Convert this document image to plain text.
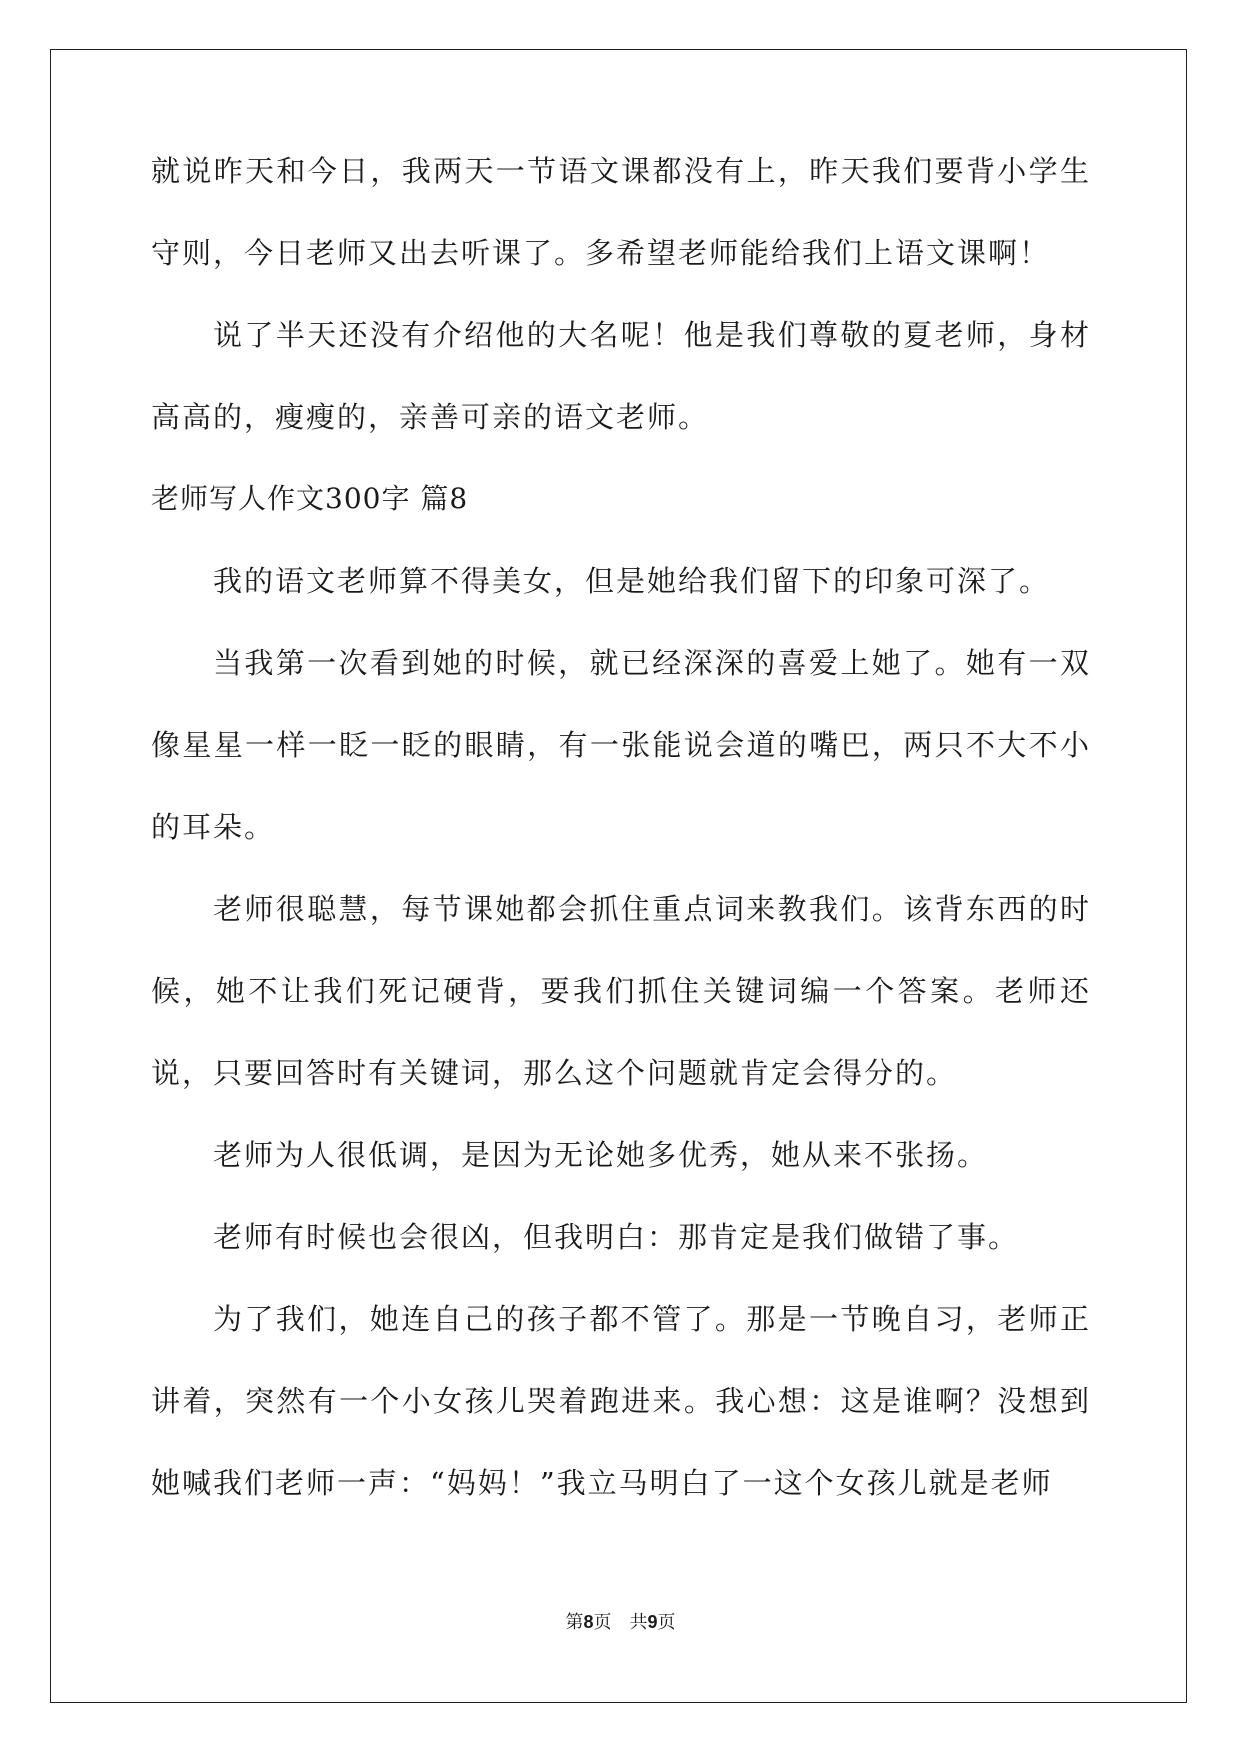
就说昨天和今日，我两天一节语文课都没有上，昨天我们要背小学生守则，今日老师又出去听课了。多希望老师能给我们上语文课啊！

说了半天还没有介绍他的大名呢！他是我们尊敬的夏老师，身材高高的，瘦瘦的，亲善可亲的语文老师。

老师写人作文300字 篇8

我的语文老师算不得美女，但是她给我们留下的印象可深了。

当我第一次看到她的时候，就已经深深的喜爱上她了。她有一双像星星一样一眨一眨的眼睛，有一张能说会道的嘴巴，两只不大不小的耳朵。

老师很聪慧，每节课她都会抓住重点词来教我们。该背东西的时候，她不让我们死记硬背，要我们抓住关键词编一个答案。老师还说，只要回答时有关键词，那么这个问题就肯定会得分的。

老师为人很低调，是因为无论她多优秀，她从来不张扬。

老师有时候也会很凶，但我明白：那肯定是我们做错了事。

为了我们，她连自己的孩子都不管了。那是一节晚自习，老师正讲着，突然有一个小女孩儿哭着跑进来。我心想：这是谁啊？没想到她喊我们老师一声：“妈妈！”我立马明白了一这个女孩儿就是老师

第8页　共9页
